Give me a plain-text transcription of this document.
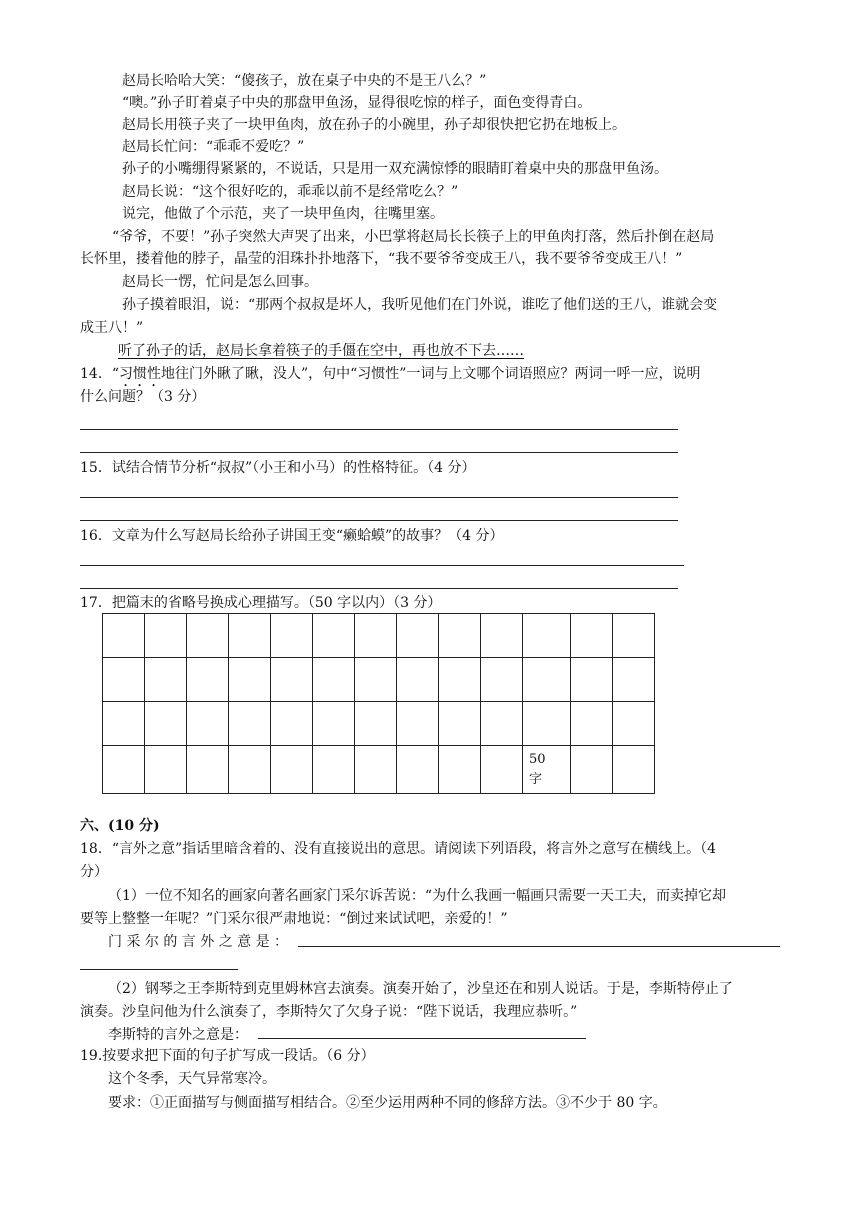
赵局长哈哈大笑：“傻孩子，放在桌子中央的不是王八么？”
“噢。”孙子盯着桌子中央的那盘甲鱼汤，显得很吃惊的样子，面色变得青白。
赵局长用筷子夹了一块甲鱼肉，放在孙子的小碗里，孙子却很快把它扔在地板上。
赵局长忙问：“乖乖不爱吃？”
孙子的小嘴绷得紧紧的，不说话，只是用一双充满惊悸的眼睛盯着桌中央的那盘甲鱼汤。
赵局长说：“这个很好吃的，乖乖以前不是经常吃么？”
说完，他做了个示范，夹了一块甲鱼肉，往嘴里塞。
“爷爷，不要！”孙子突然大声哭了出来，小巴掌将赵局长长筷子上的甲鱼肉打落，然后扑倒在赵局
长怀里，搂着他的脖子，晶莹的泪珠扑扑地落下，“我不要爷爷变成王八，我不要爷爷变成王八！”
赵局长一愣，忙问是怎么回事。
孙子摸着眼泪，说：“那两个叔叔是坏人，我听见他们在门外说，谁吃了他们送的王八，谁就会变
成王八！”
听了孙子的话，赵局长拿着筷子的手僵在空中，再也放不下去……
14．“习惯性地往门外瞅了瞅，没人”，句中“习惯性”一词与上文哪个词语照应？两词一呼一应，说明
什么问题？（3 分）
15．试结合情节分析“叔叔”（小王和小马）的性格特征。（4 分）
16．文章为什么写赵局长给孙子讲国王变“癞蛤蟆”的故事？（4 分）
17．把篇末的省略号换成心理描写。（50 字以内）（3 分）

										50
字		

六、(10 分)
18．“言外之意”指话里暗含着的、没有直接说出的意思。请阅读下列语段，将言外之意写在横线上。（4
分）
（1）一位不知名的画家向著名画家门采尔诉苦说：“为什么我画一幅画只需要一天工夫，而卖掉它却
要等上整整一年呢？”门采尔很严肃地说：“倒过来试试吧，亲爱的！”
门 采 尔 的 言 外 之 意 是 ：
（2）钢琴之王李斯特到克里姆林宫去演奏。演奏开始了，沙皇还在和别人说话。于是，李斯特停止了
演奏。沙皇问他为什么演奏了，李斯特欠了欠身子说：“陛下说话，我理应恭听。”
李斯特的言外之意是：
19.按要求把下面的句子扩写成一段话。（6 分）
这个冬季，天气异常寒冷。
要求：①正面描写与侧面描写相结合。②至少运用两种不同的修辞方法。③不少于 80 字。
